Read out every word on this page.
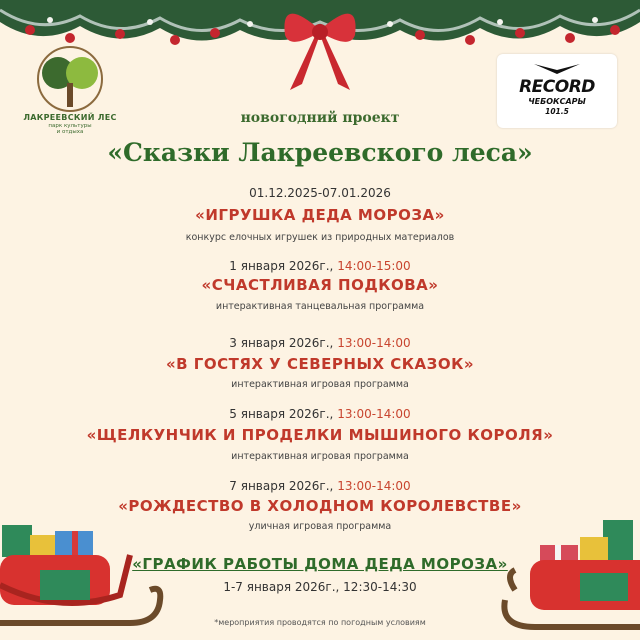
ЛАКРЕЕВСКИЙ ЛЕС
парк культуры
и отдыха
RECORD
ЧЕБОКСАРЫ
101.5
новогодний проект
«Сказки Лакреевского леса»
01.12.2025-07.01.2026
«ИГРУШКА ДЕДА МОРОЗА»
конкурс елочных игрушек из природных материалов
1 января 2026г., 14:00-15:00
«СЧАСТЛИВАЯ ПОДКОВА»
интерактивная танцевальная программа
3 января 2026г., 13:00-14:00
«В ГОСТЯХ У СЕВЕРНЫХ СКАЗОК»
интерактивная игровая программа
5 января 2026г., 13:00-14:00
«ЩЕЛКУНЧИК И ПРОДЕЛКИ МЫШИНОГО КОРОЛЯ»
интерактивная игровая программа
7 января 2026г., 13:00-14:00
«РОЖДЕСТВО В ХОЛОДНОМ КОРОЛЕВСТВЕ»
уличная игровая программа
«ГРАФИК РАБОТЫ ДОМА ДЕДА МОРОЗА»
1-7 января 2026г., 12:30-14:30
*мероприятия проводятся по погодным условиям
